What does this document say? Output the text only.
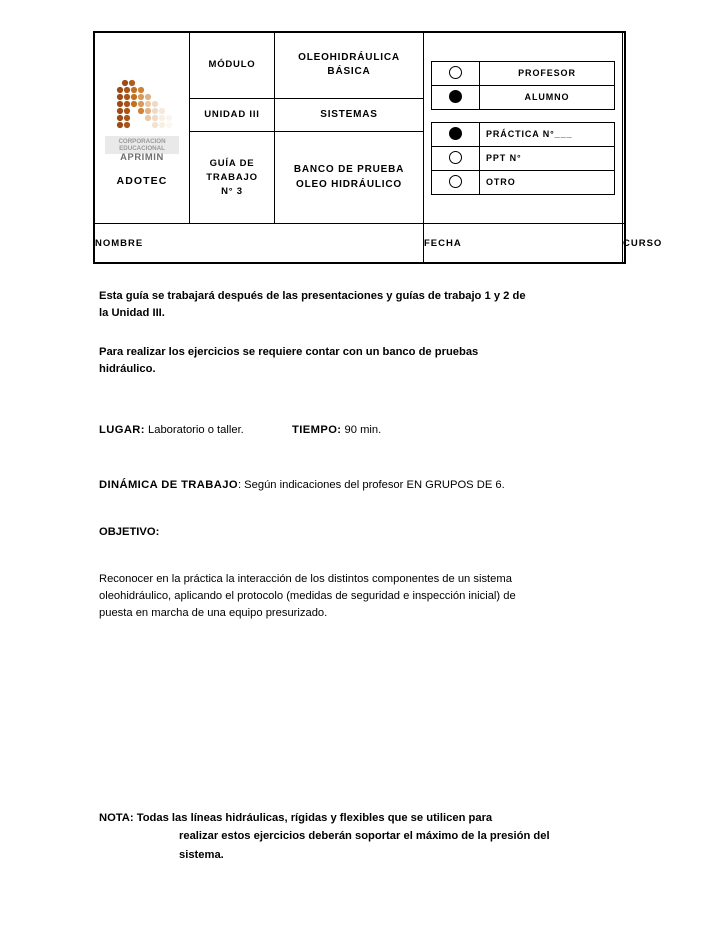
CORPORACION
EDUCACIONAL
APRIMIN
ADOTEC
	MÓDULO	OLEOHIDRÁULICA
BÁSICA	
		PROFESOR
	ALUMNO
	PRÁCTICA N°___
	PPT N°
	OTRO

UNIDAD III	SISTEMAS
GUÍA DE
TRABAJO
N° 3	BANCO DE PRUEBA
OLEO HIDRÁULICO
NOMBRE	FECHA	CURSO

Esta guía se trabajará después de las presentaciones y guías de trabajo 1 y 2 de
la Unidad III.

Para realizar los ejercicios se requiere contar con un banco de pruebas
hidráulico.

LUGAR: Laboratorio o taller.	TIEMPO: 90 min.

DINÁMICA DE TRABAJO: Según indicaciones del profesor EN GRUPOS DE 6.

OBJETIVO:

Reconocer en la práctica la interacción de los distintos componentes de un sistema
oleohidráulico, aplicando el protocolo (medidas de seguridad e inspección inicial) de
puesta en marcha de una equipo presurizado.

NOTA: Todas las líneas hidráulicas, rígidas y flexibles que se utilicen para
realizar estos ejercicios deberán soportar el máximo de la presión del
sistema.
